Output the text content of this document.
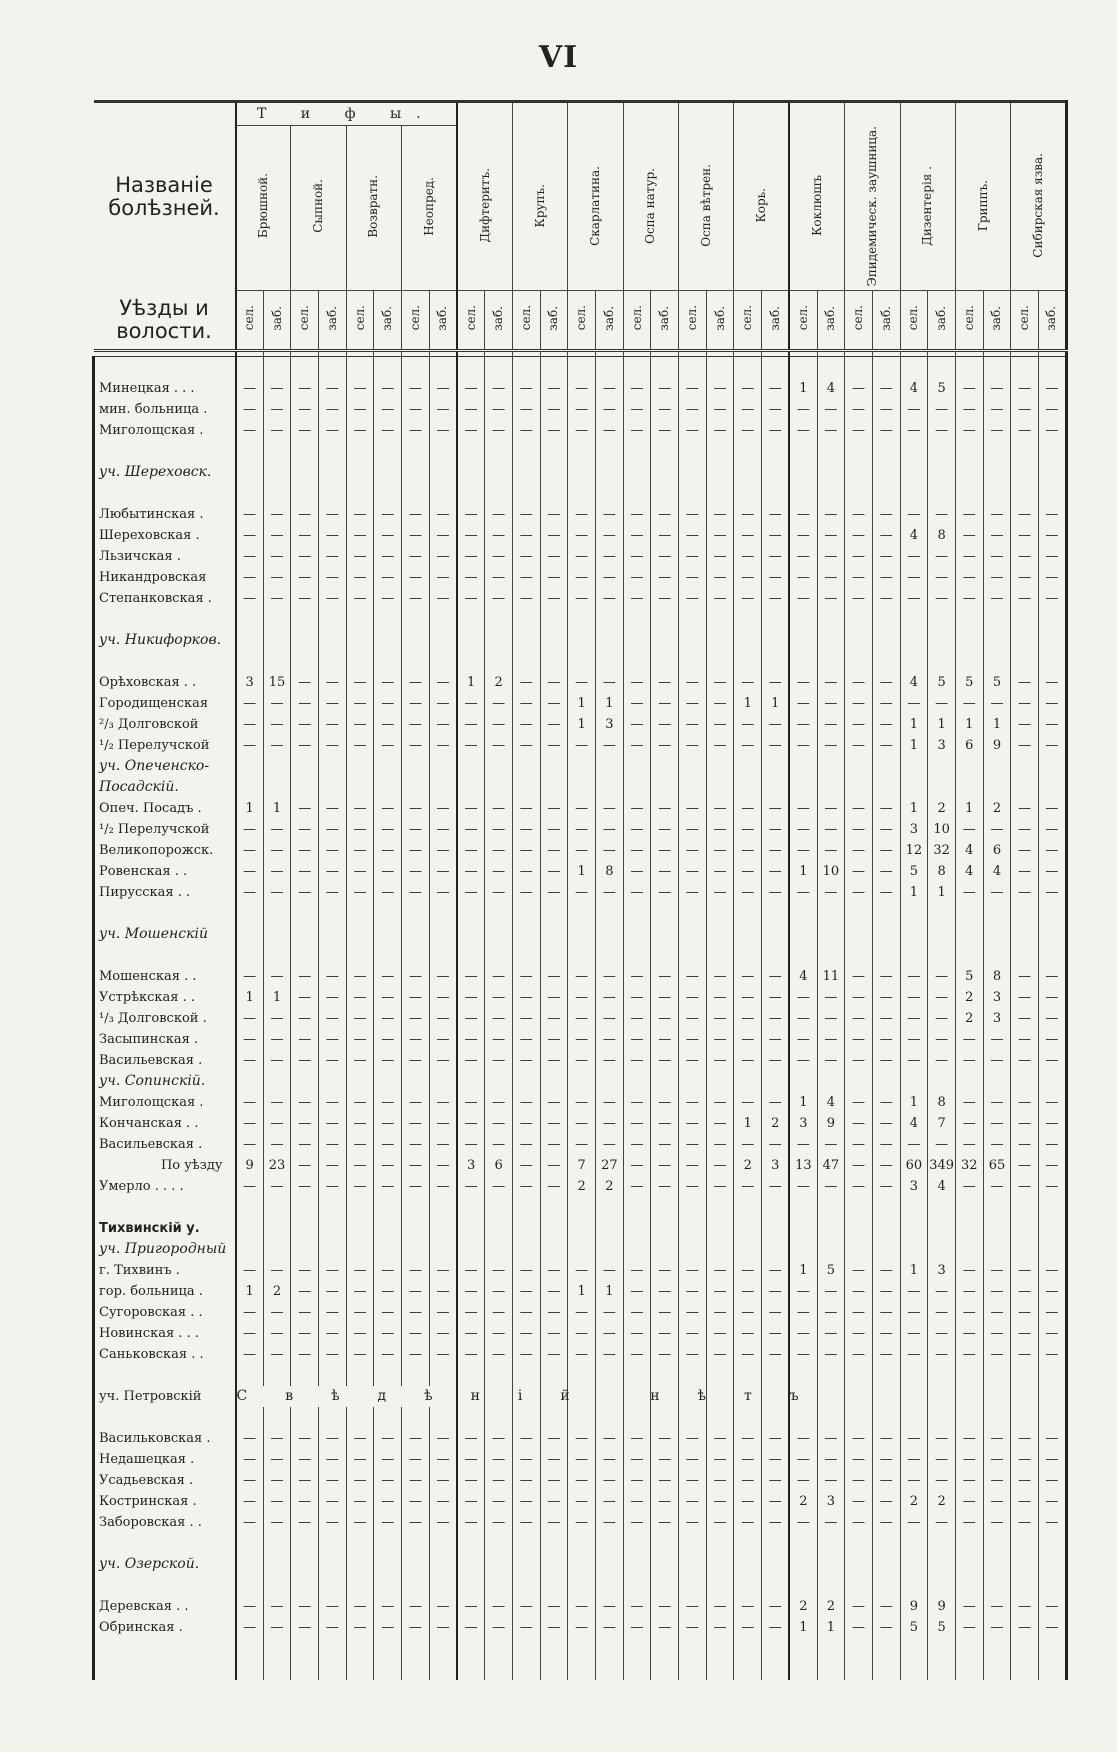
VI
Названіе болѣзней.	Т и ф ы.																													
	Брюшной.		Сыпной.		Возвратн.		Неопред.		Дифтеритъ.		Крупъ.		Скарлатина.		Оспа натур.		Оспа вѣтрен.		Корь.		Коклюшъ		Эпидемическ. заушница.		Дизентерія .		Гриппъ.		Сибирская язва.	
Уѣзды и волости.	сел.	заб.	сел.	заб.	сел.	заб.	сел.	заб.	сел.	заб.	сел.	заб.	сел.	заб.	сел.	заб.	сел.	заб.	сел.	заб.	сел.	заб.	сел.	заб.	сел.	заб.	сел.	заб.	сел.	заб.

Минецкая . . .	—	—	—	—	—	—	—	—	—	—	—	—	—	—	—	—	—	—	—	—	1	4	—	—	4	5	—	—	—	—
мин. больница .	—	—	—	—	—	—	—	—	—	—	—	—	—	—	—	—	—	—	—	—	—	—	—	—	—	—	—	—	—	—
Миголощская .	—	—	—	—	—	—	—	—	—	—	—	—	—	—	—	—	—	—	—	—	—	—	—	—	—	—	—	—	—	—

уч. Шереховск.																														

Любытинская .	—	—	—	—	—	—	—	—	—	—	—	—	—	—	—	—	—	—	—	—	—	—	—	—	—	—	—	—	—	—
Шереховская .	—	—	—	—	—	—	—	—	—	—	—	—	—	—	—	—	—	—	—	—	—	—	—	—	4	8	—	—	—	—
Льзичская .	—	—	—	—	—	—	—	—	—	—	—	—	—	—	—	—	—	—	—	—	—	—	—	—	—	—	—	—	—	—
Никандровская	—	—	—	—	—	—	—	—	—	—	—	—	—	—	—	—	—	—	—	—	—	—	—	—	—	—	—	—	—	—
Степанковская .	—	—	—	—	—	—	—	—	—	—	—	—	—	—	—	—	—	—	—	—	—	—	—	—	—	—	—	—	—	—

уч. Никифорков.																														

Орѣховская . .	3	15	—	—	—	—	—	—	1	2	—	—	—	—	—	—	—	—	—	—	—	—	—	—	4	5	5	5	—	—
Городищенская	—	—	—	—	—	—	—	—	—	—	—	—	1	1	—	—	—	—	1	1	—	—	—	—	—	—	—	—	—	—
²/₃ Долговской	—	—	—	—	—	—	—	—	—	—	—	—	1	3	—	—	—	—	—	—	—	—	—	—	1	1	1	1	—	—
¹/₂ Перелучской	—	—	—	—	—	—	—	—	—	—	—	—	—	—	—	—	—	—	—	—	—	—	—	—	1	3	6	9	—	—
уч. Опеченско-																														
Посадскій.																														
Опеч. Посадъ .	1	1	—	—	—	—	—	—	—	—	—	—	—	—	—	—	—	—	—	—	—	—	—	—	1	2	1	2	—	—
¹/₂ Перелучской	—	—	—	—	—	—	—	—	—	—	—	—	—	—	—	—	—	—	—	—	—	—	—	—	3	10	—	—	—	—
Великопорожск.	—	—	—	—	—	—	—	—	—	—	—	—	—	—	—	—	—	—	—	—	—	—	—	—	12	32	4	6	—	—
Ровенская . .	—	—	—	—	—	—	—	—	—	—	—	—	1	8	—	—	—	—	—	—	1	10	—	—	5	8	4	4	—	—
Пирусская . .	—	—	—	—	—	—	—	—	—	—	—	—	—	—	—	—	—	—	—	—	—	—	—	—	1	1	—	—	—	—

уч. Мошенскій																														

Мошенская . .	—	—	—	—	—	—	—	—	—	—	—	—	—	—	—	—	—	—	—	—	4	11	—	—	—	—	5	8	—	—
Устрѣкская . .	1	1	—	—	—	—	—	—	—	—	—	—	—	—	—	—	—	—	—	—	—	—	—	—	—	—	2	3	—	—
¹/₃ Долговской .	—	—	—	—	—	—	—	—	—	—	—	—	—	—	—	—	—	—	—	—	—	—	—	—	—	—	2	3	—	—
Засыпинская .	—	—	—	—	—	—	—	—	—	—	—	—	—	—	—	—	—	—	—	—	—	—	—	—	—	—	—	—	—	—
Васильевская .	—	—	—	—	—	—	—	—	—	—	—	—	—	—	—	—	—	—	—	—	—	—	—	—	—	—	—	—	—	—
уч. Сопинскій.																														
Миголощская .	—	—	—	—	—	—	—	—	—	—	—	—	—	—	—	—	—	—	—	—	1	4	—	—	1	8	—	—	—	—
Кончанская . .	—	—	—	—	—	—	—	—	—	—	—	—	—	—	—	—	—	—	1	2	3	9	—	—	4	7	—	—	—	—
Васильевская .	—	—	—	—	—	—	—	—	—	—	—	—	—	—	—	—	—	—	—	—	—	—	—	—	—	—	—	—	—	—
По уѣзду	9	23	—	—	—	—	—	—	3	6	—	—	7	27	—	—	—	—	2	3	13	47	—	—	60	349	32	65	—	—
Умерло . . . .	—	—	—	—	—	—	—	—	—	—	—	—	2	2	—	—	—	—	—	—	—	—	—	—	3	4	—	—	—	—

Тихвинскій у.																														
уч. Пригородный																														
г. Тихвинъ .	—	—	—	—	—	—	—	—	—	—	—	—	—	—	—	—	—	—	—	—	1	5	—	—	1	3	—	—	—	—
гор. больница .	1	2	—	—	—	—	—	—	—	—	—	—	1	1	—	—	—	—	—	—	—	—	—	—	—	—	—	—	—	—
Сугоровская . .	—	—	—	—	—	—	—	—	—	—	—	—	—	—	—	—	—	—	—	—	—	—	—	—	—	—	—	—	—	—
Новинская . . .	—	—	—	—	—	—	—	—	—	—	—	—	—	—	—	—	—	—	—	—	—	—	—	—	—	—	—	—	—	—
Саньковская . .	—	—	—	—	—	—	—	—	—	—	—	—	—	—	—	—	—	—	—	—	—	—	—	—	—	—	—	—	—	—

уч. Петровскій	Свѣдѣній нѣтъ																													

Васильковская .	—	—	—	—	—	—	—	—	—	—	—	—	—	—	—	—	—	—	—	—	—	—	—	—	—	—	—	—	—	—
Недашецкая .	—	—	—	—	—	—	—	—	—	—	—	—	—	—	—	—	—	—	—	—	—	—	—	—	—	—	—	—	—	—
Усадьевская .	—	—	—	—	—	—	—	—	—	—	—	—	—	—	—	—	—	—	—	—	—	—	—	—	—	—	—	—	—	—
Костринская .	—	—	—	—	—	—	—	—	—	—	—	—	—	—	—	—	—	—	—	—	2	3	—	—	2	2	—	—	—	—
Заборовская . .	—	—	—	—	—	—	—	—	—	—	—	—	—	—	—	—	—	—	—	—	—	—	—	—	—	—	—	—	—	—

уч. Озерской.																														

Деревская . .	—	—	—	—	—	—	—	—	—	—	—	—	—	—	—	—	—	—	—	—	2	2	—	—	9	9	—	—	—	—
Обринская .	—	—	—	—	—	—	—	—	—	—	—	—	—	—	—	—	—	—	—	—	1	1	—	—	5	5	—	—	—	—
